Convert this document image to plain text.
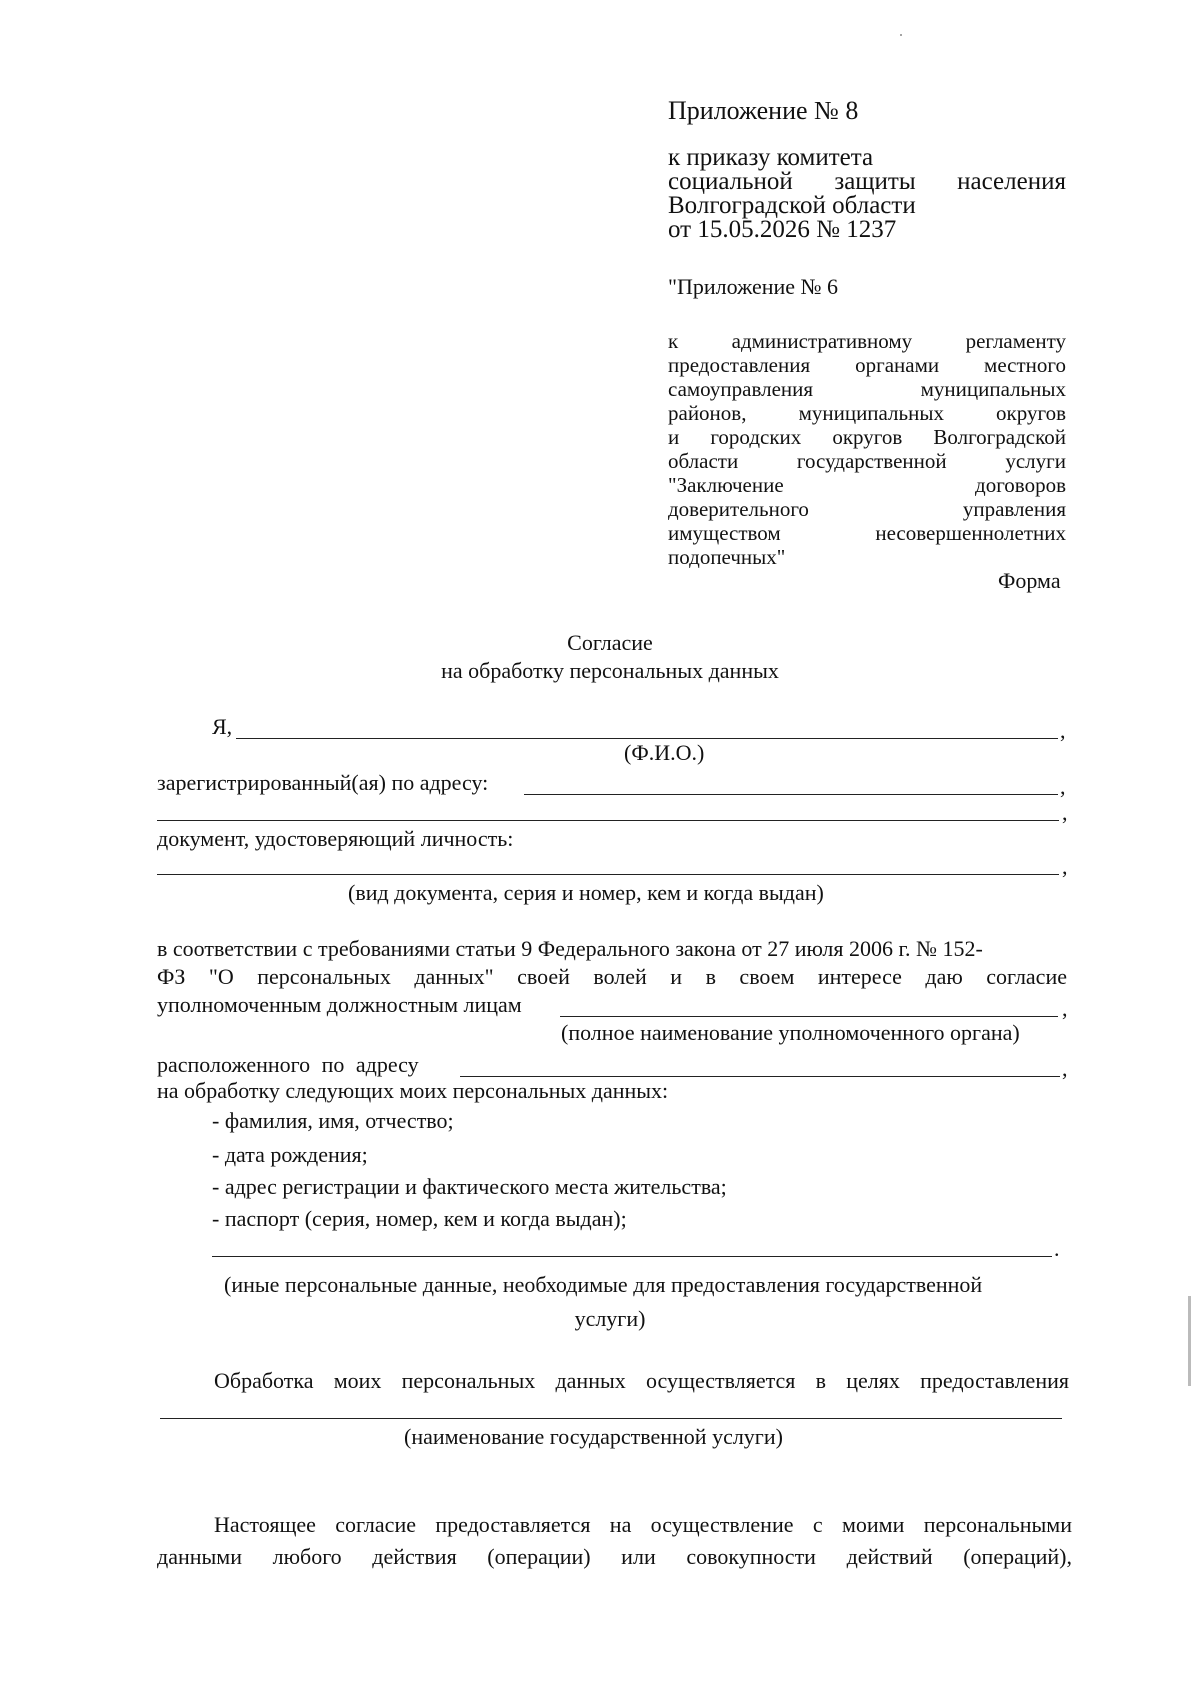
Приложение № 8
к приказу комитета
социальной защиты населения
Волгоградской области
от 15.05.2026 № 1237
"Приложение № 6
к административному регламенту
предоставления органами местного
самоуправления муниципальных
районов, муниципальных округов
и городских округов Волгоградской
области государственной услуги
"Заключение договоров
доверительного управления
имуществом несовершеннолетних
подопечных"
Форма
Согласие
на обработку персональных данных
Я,	,
(Ф.И.О.)
зарегистрированный(ая) по адресу:	,
,
документ, удостоверяющий личность:
,
(вид документа, серия и номер, кем и когда выдан)
в соответствии с требованиями статьи 9 Федерального закона от 27 июля 2006 г. № 152-
ФЗ "О персональных данных" своей волей и в своем интересе даю согласие
уполномоченным должностным лицам	,
(полное наименование уполномоченного органа)
расположенного по адресу	,
на обработку следующих моих персональных данных:
- фамилия, имя, отчество;
- дата рождения;
- адрес регистрации и фактического места жительства;
- паспорт (серия, номер, кем и когда выдан);
.
(иные персональные данные, необходимые для предоставления государственной
услуги)
Обработка моих персональных данных осуществляется в целях предоставления
(наименование государственной услуги)
Настоящее согласие предоставляется на осуществление с моими персональными
данными любого действия (операции) или совокупности действий (операций),
